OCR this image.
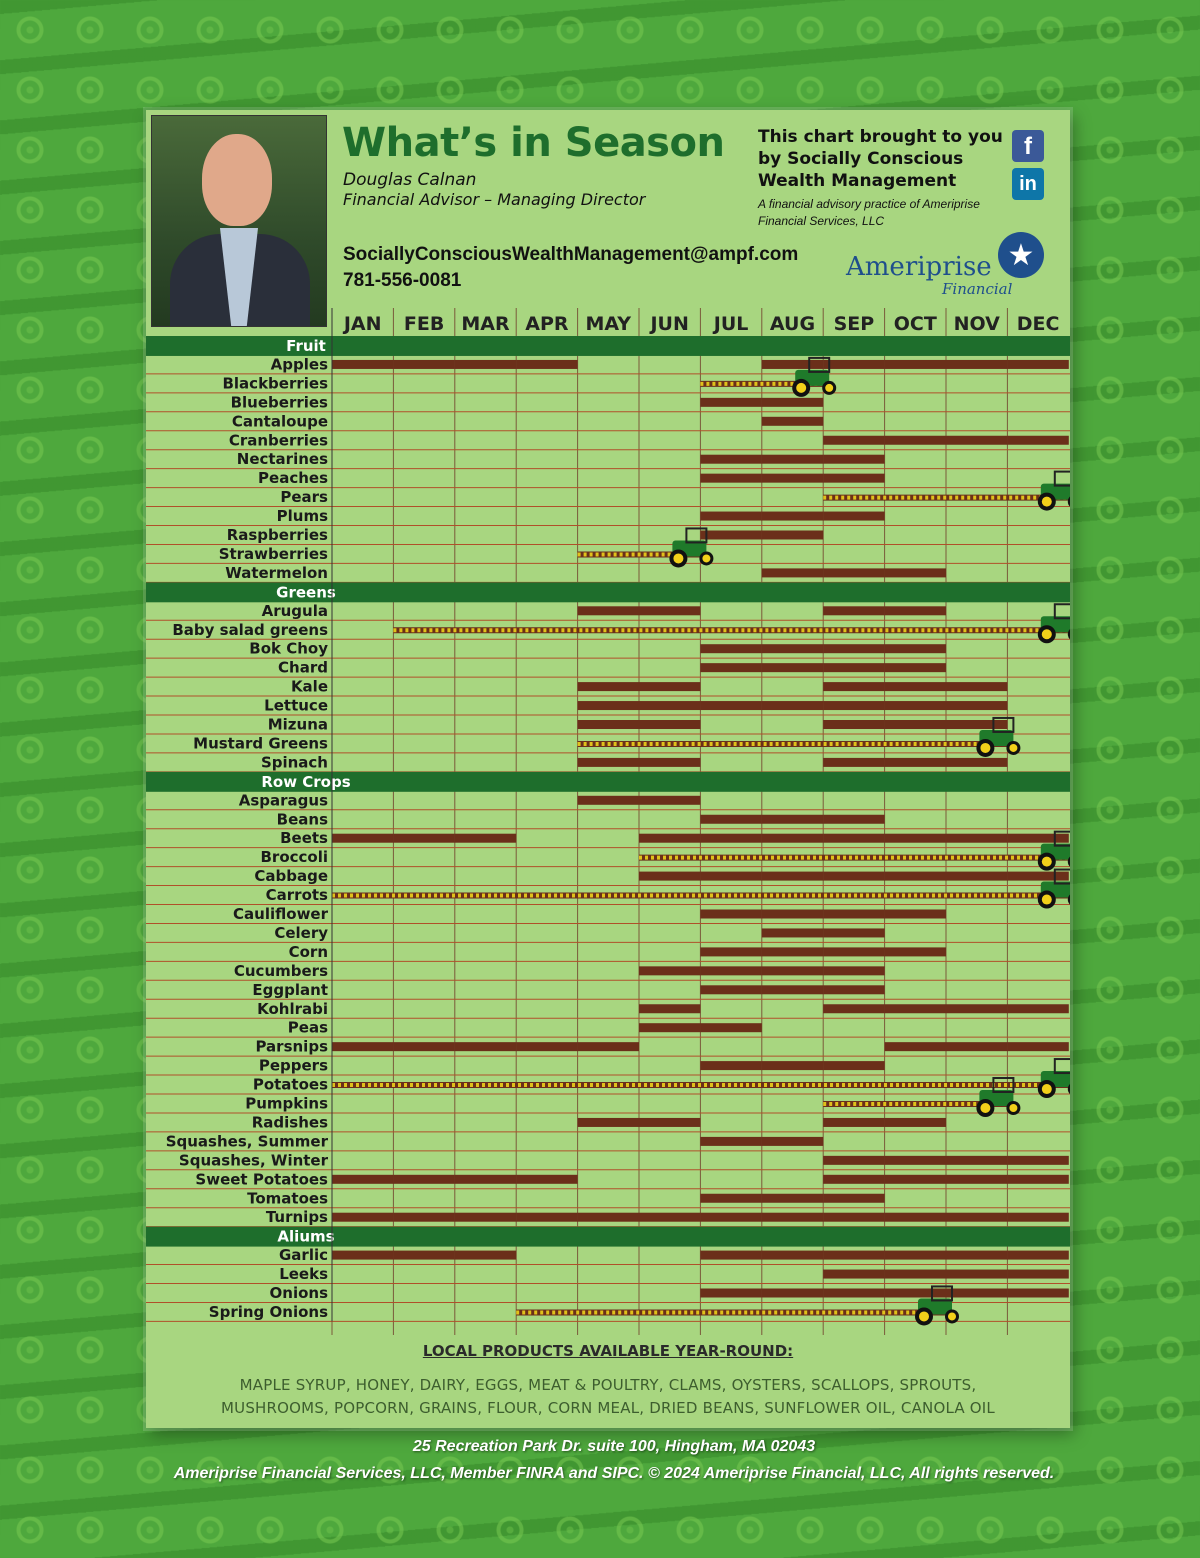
What’s in Season
Douglas Calnan
Financial Advisor – Managing Director
SociallyConsciousWealthManagement@ampf.com
781-556-0081
This chart brought to you by Socially Conscious Wealth Management
A financial advisory practice of Ameriprise Financial Services, LLC
f
in
Ameriprise
Financial
★
LOCAL PRODUCTS AVAILABLE YEAR-ROUND:
MAPLE SYRUP, HONEY, DAIRY, EGGS, MEAT & POULTRY, CLAMS, OYSTERS, SCALLOPS, SPROUTS,
MUSHROOMS, POPCORN, GRAINS, FLOUR, CORN MEAL, DRIED BEANS, SUNFLOWER OIL, CANOLA OIL
JAN FEB MAR APR MAY JUN JUL AUG SEP OCT NOV DEC
Fruit
Apples
Blackberries
Blueberries
Cantaloupe
Cranberries
Nectarines
Peaches
Pears
Plums
Raspberries
Strawberries
Watermelon
Greens
Arugula
Baby salad greens
Bok Choy
Chard
Kale
Lettuce
Mizuna
Mustard Greens
Spinach
Row Crops
Asparagus
Beans
Beets
Broccoli
Cabbage
Carrots
Cauliflower
Celery
Corn
Cucumbers
Eggplant
Kohlrabi
Peas
Parsnips
Peppers
Potatoes
Pumpkins
Radishes
Squashes, Summer
Squashes, Winter
Sweet Potatoes
Tomatoes
Turnips
Aliums
Garlic
Leeks
Onions
Spring Onions
25 Recreation Park Dr. suite 100, Hingham, MA 02043
Ameriprise Financial Services, LLC, Member FINRA and SIPC. © 2024 Ameriprise Financial, LLC, All rights reserved.
